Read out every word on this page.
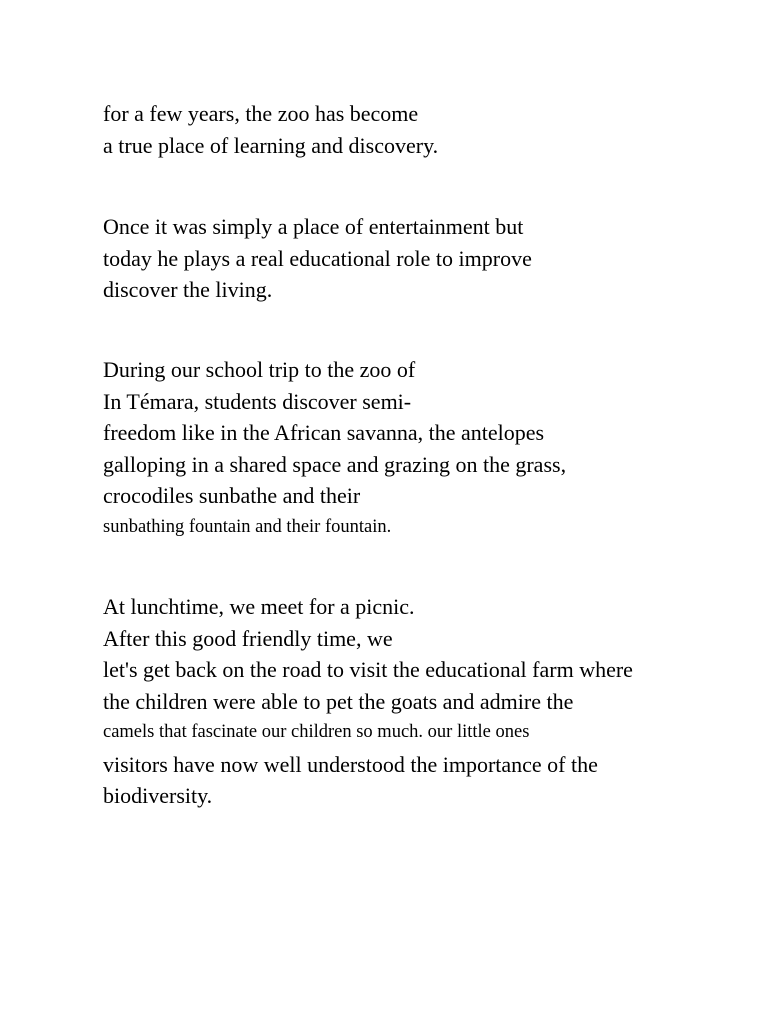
for a few years, the zoo has become
a true place of learning and discovery.

Once it was simply a place of entertainment but
today he plays a real educational role to improve
discover the living.

During our school trip to the zoo of
In Témara, students discover semi-
freedom like in the African savanna, the antelopes
galloping in a shared space and grazing on the grass,
crocodiles sunbathe and their
sunbathing fountain and their fountain.

At lunchtime, we meet for a picnic.
After this good friendly time, we
let's get back on the road to visit the educational farm where
the children were able to pet the goats and admire the
camels that fascinate our children so much. our little ones
visitors have now well understood the importance of the
biodiversity.
